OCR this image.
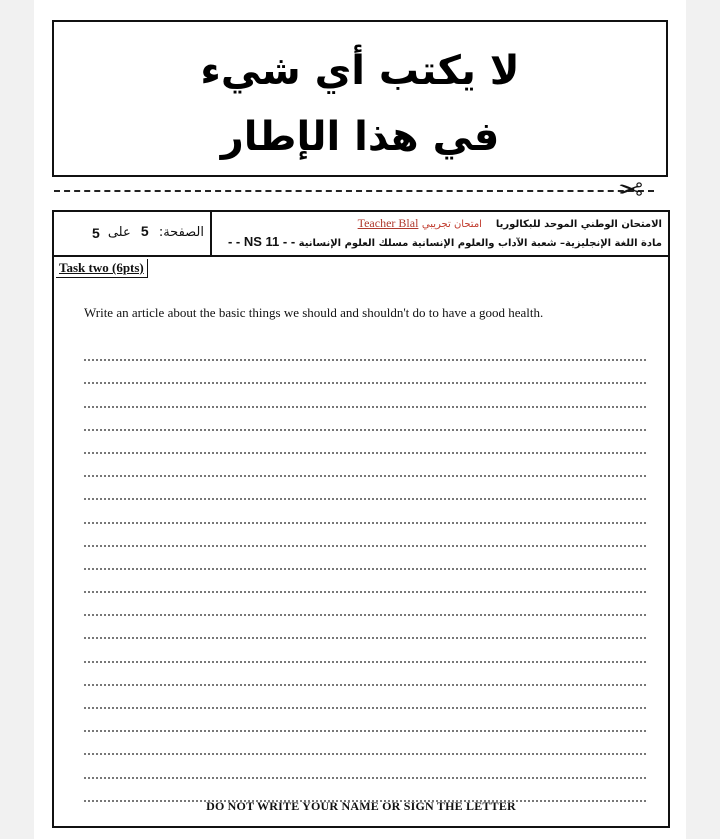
لا يكتب أي شيء
في هذا الإطار
✂
5	الصفحة: 5 على
الامتحان الوطني الموحد للبكالوريا    امتحان تجريبي Teacher Blal
مادة اللغة الإنجليزية– شعبة الآداب والعلوم الإنسانية مسلك العلوم الإنسانية - - NS 11 - -
Task two (6pts)
Write an article about the basic things we should and shouldn't do to have a good health.
DO NOT WRITE YOUR NAME OR SIGN THE LETTER
